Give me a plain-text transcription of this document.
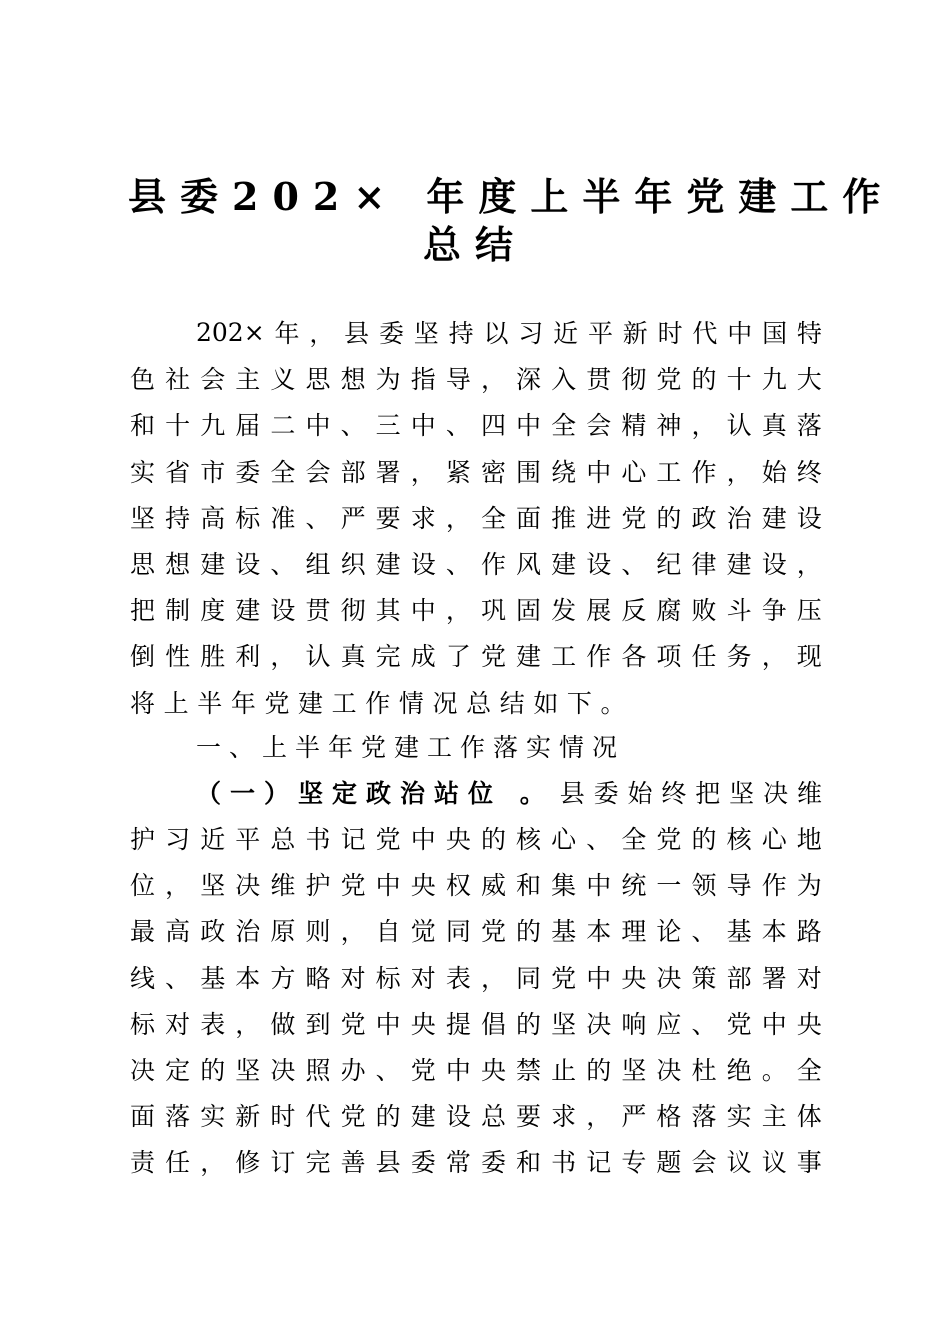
县委202× 年度上半年党建工作
总结
202× 年 ， 县 委 坚 持 以 习 近 平 新 时 代 中 国 特
色 社 会 主 义 思 想 为 指 导 ， 深 入 贯 彻 党 的 十 九 大
和 十 九 届 二 中 、 三 中 、 四 中 全 会 精 神 ， 认 真 落
实 省 市 委 全 会 部 署 ， 紧 密 围 绕 中 心 工 作 ， 始 终
坚 持 高 标 准 、 严 要 求 ， 全 面 推 进 党 的 政 治 建 设
思 想 建 设 、 组 织 建 设 、 作 风 建 设 、 纪 律 建 设 ，
把 制 度 建 设 贯 彻 其 中 ， 巩 固 发 展 反 腐 败 斗 争 压
倒 性 胜 利 ， 认 真 完 成 了 党 建 工 作 各 项 任 务 ， 现
将 上 半 年 党 建 工 作 情 况 总 结 如 下 。
一、上半年党建工作落实情况
（一）坚定政治站位 。 县 委 始 终 把 坚 决 维
护 习 近 平 总 书 记 党 中 央 的 核 心 、 全 党 的 核 心 地
位 ， 坚 决 维 护 党 中 央 权 威 和 集 中 统 一 领 导 作 为
最 高 政 治 原 则 ， 自 觉 同 党 的 基 本 理 论 、 基 本 路
线 、 基 本 方 略 对 标 对 表 ， 同 党 中 央 决 策 部 署 对
标 对 表 ， 做 到 党 中 央 提 倡 的 坚 决 响 应 、 党 中 央
决 定 的 坚 决 照 办 、 党 中 央 禁 止 的 坚 决 杜 绝 。 全
面 落 实 新 时 代 党 的 建 设 总 要 求 ， 严 格 落 实 主 体
责 任 ， 修 订 完 善 县 委 常 委 和 书 记 专 题 会 议 议 事
